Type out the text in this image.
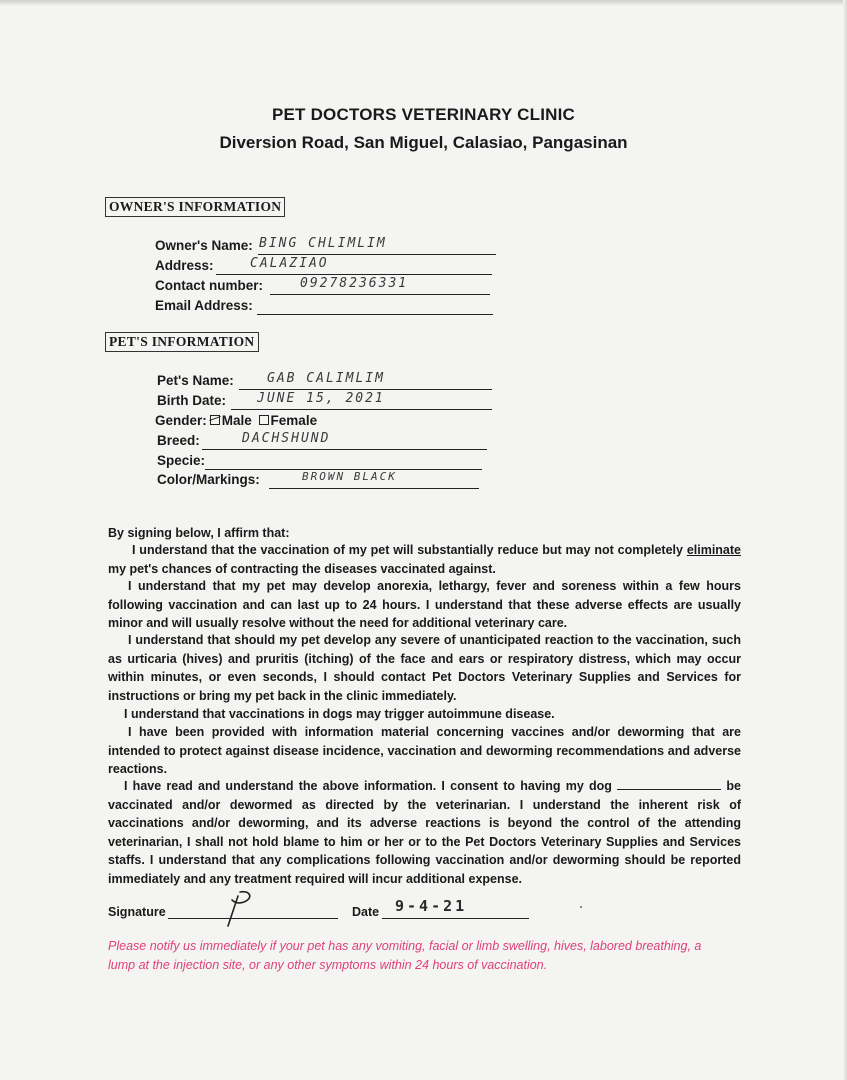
PET DOCTORS VETERINARY CLINIC
Diversion Road, San Miguel, Calasiao, Pangasinan
OWNER'S INFORMATION
Owner's Name: BING CHLIMLIM
Address:	CALAZIAO
Contact number:	09278236331
Email Address:
PET'S INFORMATION
Pet's Name:	GAB CALIMLIM
Birth Date: JUNE 15, 2021
Gender: Male Female
Breed:	DACHSHUND
Specie:
Color/Markings:	BROWN BLACK
By signing below, I affirm that:

I understand that the vaccination of my pet will substantially reduce but may not completely eliminate my pet's chances of contracting the diseases vaccinated against.

I understand that my pet may develop anorexia, lethargy, fever and soreness within a few hours following vaccination and can last up to 24 hours. I understand that these adverse effects are usually minor and will usually resolve without the need for additional veterinary care.

I understand that should my pet develop any severe of unanticipated reaction to the vaccination, such as urticaria (hives) and pruritis (itching) of the face and ears or respiratory distress, which may occur within minutes, or even seconds, I should contact Pet Doctors Veterinary Supplies and Services for instructions or bring my pet back in the clinic immediately.

I understand that vaccinations in dogs may trigger autoimmune disease.

I have been provided with information material concerning vaccines and/or deworming that are intended to protect against disease incidence, vaccination and deworming recommendations and adverse reactions.

I have read and understand the above information. I consent to having my dog	be vaccinated and/or dewormed as directed by the veterinarian. I understand the inherent risk of vaccinations and/or deworming, and its adverse reactions is beyond the control of the attending veterinarian, I shall not hold blame to him or her or to the Pet Doctors Veterinary Supplies and Services staffs. I understand that any complications following vaccination and/or deworming should be reported immediately and any treatment required will incur additional expense.

Signature	Date 9-4-21

Please notify us immediately if your pet has any vomiting, facial or limb swelling, hives, labored breathing, a lump at the injection site, or any other symptoms within 24 hours of vaccination.
